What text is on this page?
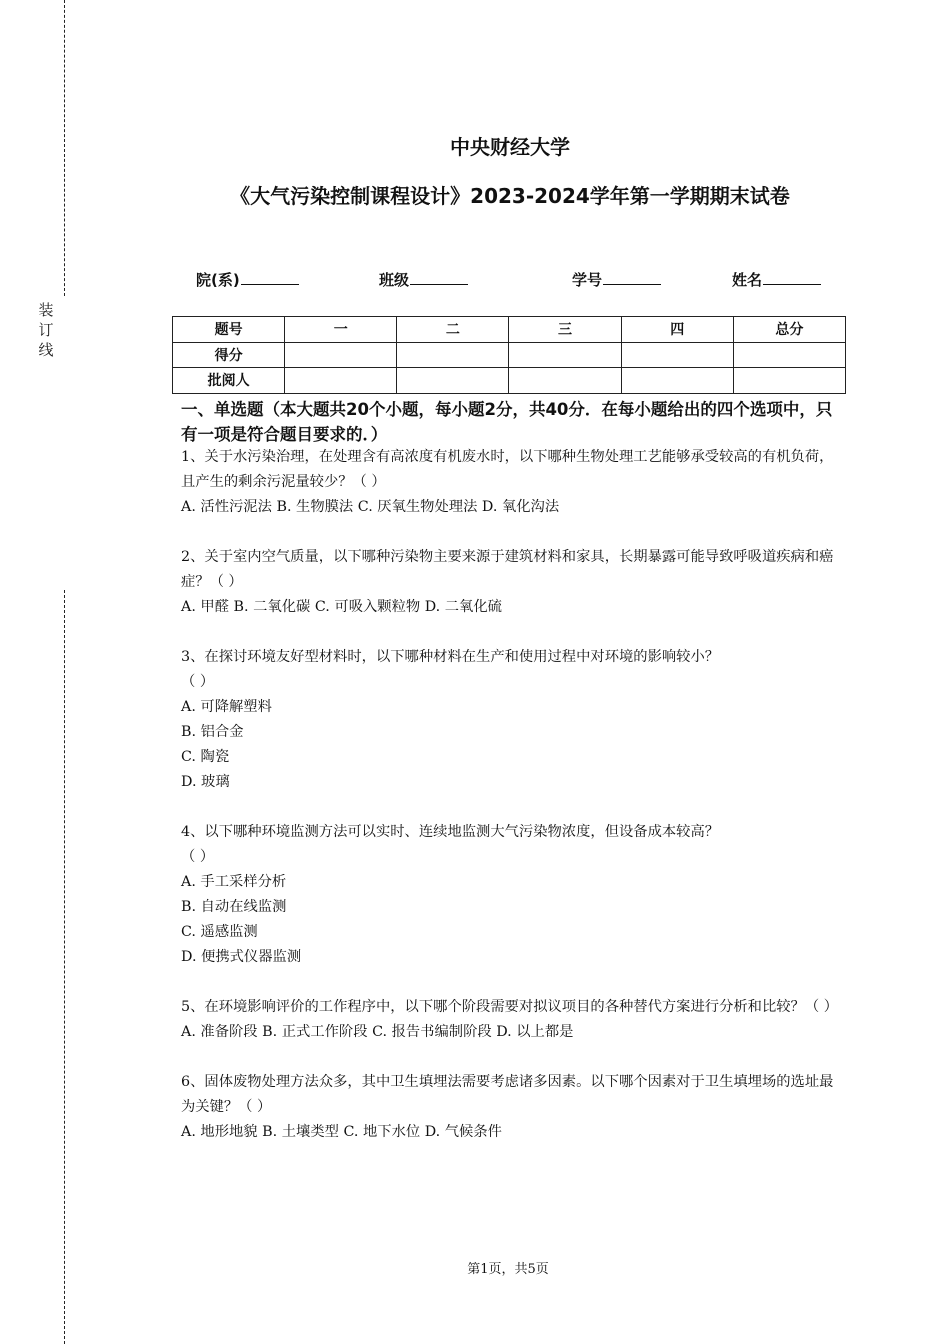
装
订
线
中央财经大学
《大气污染控制课程设计》2023-2024学年第一学期期末试卷
院(系)	班级	学号	姓名
题号	一	二	三	四	总分
得分					
批阅人					
一、单选题（本大题共20个小题，每小题2分，共40分．在每小题给出的四个选项中，只有一项是符合题目要求的．）

1、关于水污染治理，在处理含有高浓度有机废水时，以下哪种生物处理工艺能够承受较高的有机负荷，且产生的剩余污泥量较少？（ ）

A. 活性污泥法 B. 生物膜法 C. 厌氧生物处理法 D. 氧化沟法

2、关于室内空气质量，以下哪种污染物主要来源于建筑材料和家具，长期暴露可能导致呼吸道疾病和癌症？（ ）

A. 甲醛 B. 二氧化碳 C. 可吸入颗粒物 D. 二氧化硫

3、在探讨环境友好型材料时，以下哪种材料在生产和使用过程中对环境的影响较小？

（ ）

A. 可降解塑料

B. 铝合金

C. 陶瓷

D. 玻璃

4、以下哪种环境监测方法可以实时、连续地监测大气污染物浓度，但设备成本较高？

（ ）

A. 手工采样分析

B. 自动在线监测

C. 遥感监测

D. 便携式仪器监测

5、在环境影响评价的工作程序中，以下哪个阶段需要对拟议项目的各种替代方案进行分析和比较？（ ）

A. 准备阶段 B. 正式工作阶段 C. 报告书编制阶段 D. 以上都是

6、固体废物处理方法众多，其中卫生填埋法需要考虑诸多因素。以下哪个因素对于卫生填埋场的选址最为关键？（ ）

A. 地形地貌 B. 土壤类型 C. 地下水位 D. 气候条件

第1页，共5页
